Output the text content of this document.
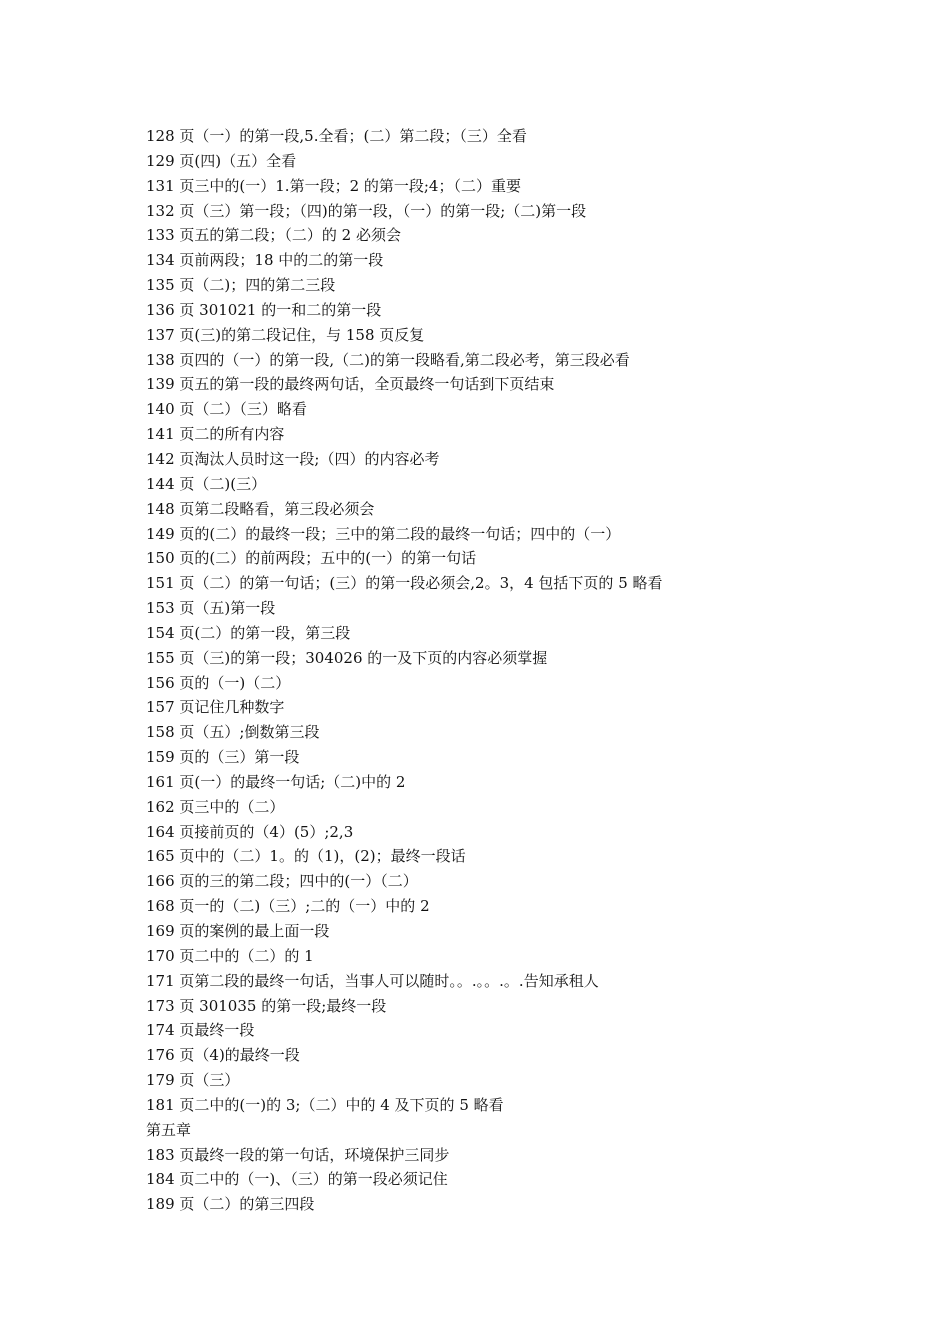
128 页（一）的第一段,5.全看；(二）第二段；（三）全看
129 页(四)（五）全看
131 页三中的(一）1.第一段；2 的第一段;4；（二）重要
132 页（三）第一段；（四)的第一段，（一）的第一段;（二)第一段
133 页五的第二段；（二）的 2 必须会
134 页前两段；18 中的二的第一段
135 页（二)；四的第二三段
136 页 301021 的一和二的第一段
137 页(三)的第二段记住，与 158 页反复
138 页四的（一）的第一段,（二)的第一段略看,第二段必考，第三段必看
139 页五的第一段的最终两句话，全页最终一句话到下页结束
140 页（二）（三）略看
141 页二的所有内容
142 页淘汰人员时这一段;（四）的内容必考
144 页（二)(三）
148 页第二段略看，第三段必须会
149 页的(二）的最终一段；三中的第二段的最终一句话；四中的（一）
150 页的(二）的前两段；五中的(一）的第一句话
151 页（二）的第一句话；(三）的第一段必须会,2。3，4 包括下页的 5 略看
153 页（五)第一段
154 页(二）的第一段，第三段
155 页（三)的第一段；304026 的一及下页的内容必须掌握
156 页的（一)（二）
157 页记住几种数字
158 页（五）;倒数第三段
159 页的（三）第一段
161 页(一）的最终一句话;（二)中的 2
162 页三中的（二）
164 页接前页的（4）(5）;2,3
165 页中的（二）1。的（1)，(2)；最终一段话
166 页的三的第二段；四中的(一）（二）
168 页一的（二)（三）;二的（一）中的 2
169 页的案例的最上面一段
170 页二中的（二）的 1
171 页第二段的最终一句话，当事人可以随时。。.。。.。.告知承租人
173 页 301035 的第一段;最终一段
174 页最终一段
176 页（4)的最终一段
179 页（三）
181 页二中的(一)的 3;（二）中的 4 及下页的 5 略看
第五章
183 页最终一段的第一句话，环境保护三同步
184 页二中的（一)、（三）的第一段必须记住
189 页（二）的第三四段
